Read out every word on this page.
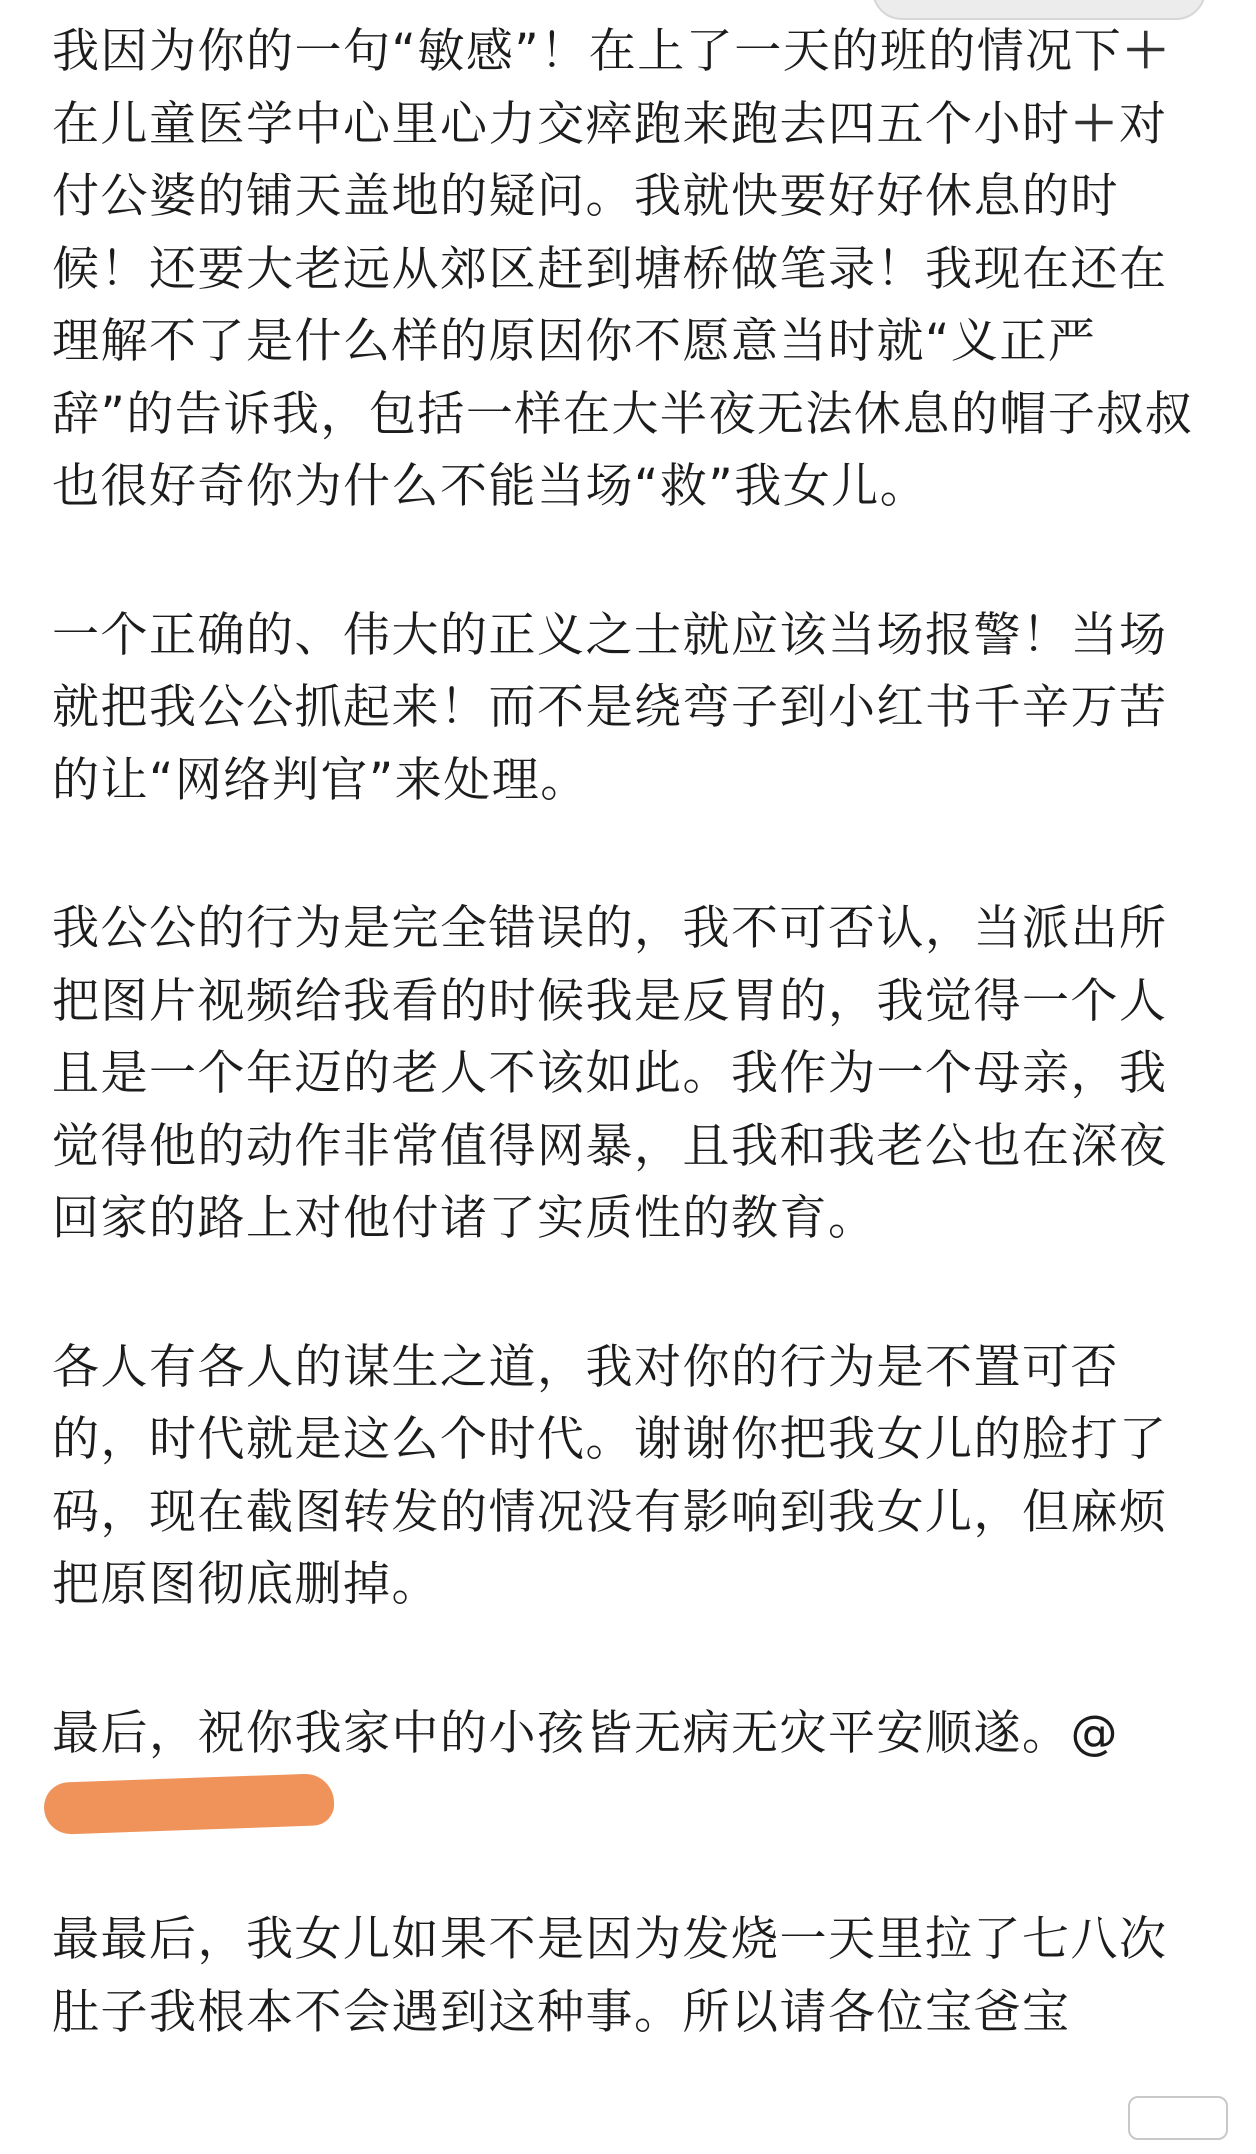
我因为你的一句“敏感”！在上了一天的班的情况下＋在儿童医学中心里心力交瘁跑来跑去四五个小时＋对付公婆的铺天盖地的疑问。我就快要好好休息的时候！还要大老远从郊区赶到塘桥做笔录！我现在还在理解不了是什么样的原因你不愿意当时就“义正严辞”的告诉我，包括一样在大半夜无法休息的帽子叔叔也很好奇你为什么不能当场“救”我女儿。

一个正确的、伟大的正义之士就应该当场报警！当场就把我公公抓起来！而不是绕弯子到小红书千辛万苦的让“网络判官”来处理。

我公公的行为是完全错误的，我不可否认，当派出所把图片视频给我看的时候我是反胃的，我觉得一个人且是一个年迈的老人不该如此。我作为一个母亲，我觉得他的动作非常值得网暴，且我和我老公也在深夜回家的路上对他付诸了实质性的教育。

各人有各人的谋生之道，我对你的行为是不置可否的，时代就是这么个时代。谢谢你把我女儿的脸打了码，现在截图转发的情况没有影响到我女儿，但麻烦把原图彻底删掉。

最后，祝你我家中的小孩皆无病无灾平安顺遂。@

最最后，我女儿如果不是因为发烧一天里拉了七八次肚子我根本不会遇到这种事。所以请各位宝爸宝
